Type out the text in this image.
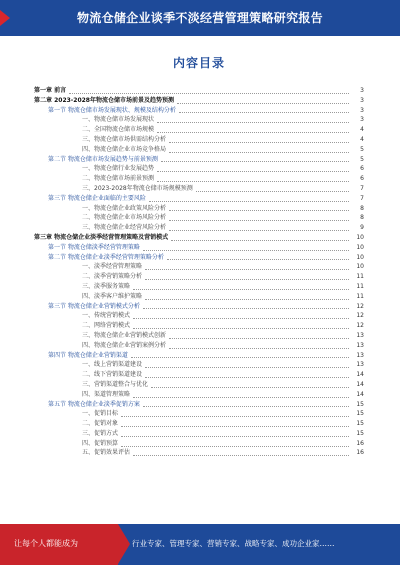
物流仓储企业谈季不淡经营管理策略研究报告
内容目录
第一章 前言	3
第二章 2023-2028年物流仓储市场前景及趋势预测	3
第一节 物流仓储市场发展现状、规模及结构分析	3
一、物流仓储市场发展现状	3
二、全国物流仓储市场规模	4
三、物流仓储市场供需结构分析	4
四、物流仓储企业市场竞争格局	5
第二节 物流仓储市场发展趋势与前景预测	5
一、物流仓储行业发展趋势	6
二、物流仓储市场前景预测	6
三、2023-2028年物流仓储市场规模预测	7
第三节 物流仓储企业面临的主要风险	7
一、物流仓储企业政策风险分析	8
二、物流仓储企业市场风险分析	8
三、物流仓储企业经营风险分析	9
第三章 物流仓储企业淡季经营管理策略及营销模式	10
第一节 物流仓储淡季经营管理策略	10
第二节 物流仓储企业淡季经营管理策略分析	10
一、淡季经营管理策略	10
二、淡季营销策略分析	11
三、淡季服务策略	11
四、淡季客户维护策略	11
第三节 物流仓储企业营销模式分析	12
一、传统营销模式	12
二、网络营销模式	12
三、物流仓储企业营销模式创新	13
四、物流仓储企业营销案例分析	13
第四节 物流仓储企业营销渠道	13
一、线上营销渠道建设	13
二、线下营销渠道建设	14
三、营销渠道整合与优化	14
四、渠道管理策略	14
第五节 物流仓储企业淡季促销方案	15
一、促销目标	15
二、促销对象	15
三、促销方式	15
四、促销预算	16
五、促销效果评估	16
让每个人都能成为	行业专家、管理专家、营销专家、战略专家、成功企业家……
